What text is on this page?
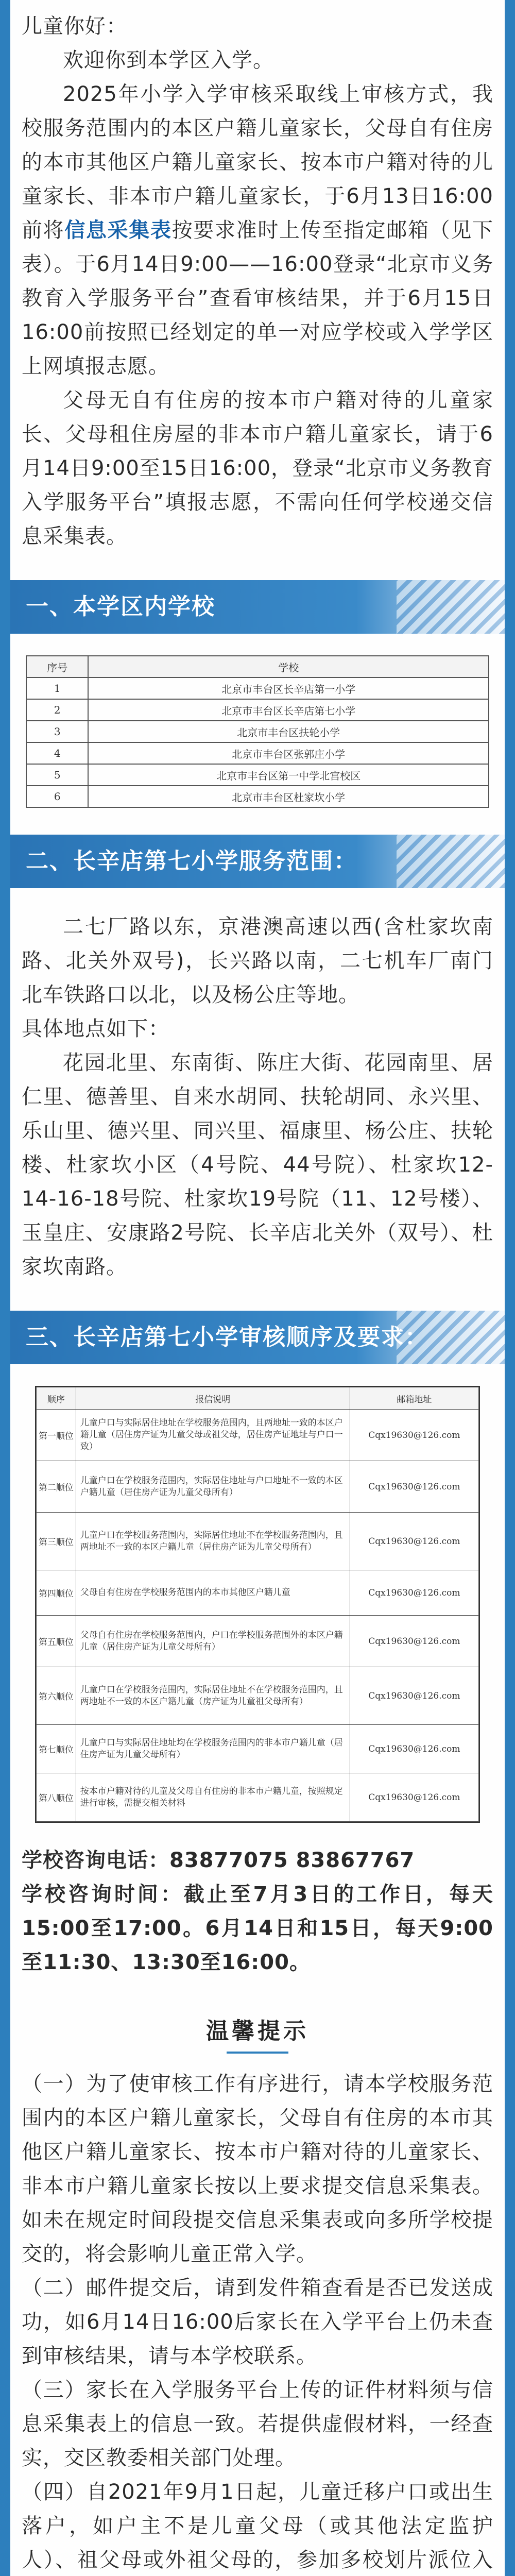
儿童你好：

欢迎你到本学区入学。

2025年小学入学审核采取线上审核方式，我校服务范围内的本区户籍儿童家长，父母自有住房的本市其他区户籍儿童家长、按本市户籍对待的儿童家长、非本市户籍儿童家长，于6月13日16:00前将信息采集表按要求准时上传至指定邮箱（见下表）。于6月14日9:00——16:00登录“北京市义务教育入学服务平台”查看审核结果，并于6月15日16:00前按照已经划定的单一对应学校或入学学区上网填报志愿。

父母无自有住房的按本市户籍对待的儿童家长、父母租住房屋的非本市户籍儿童家长，请于6月14日9:00至15日16:00，登录“北京市义务教育入学服务平台”填报志愿，不需向任何学校递交信息采集表。

一、本学区内学校
序号	学校
1	北京市丰台区长辛店第一小学
2	北京市丰台区长辛店第七小学
3	北京市丰台区扶轮小学
4	北京市丰台区张郭庄小学
5	北京市丰台区第一中学北宫校区
6	北京市丰台区杜家坎小学
二、长辛店第七小学服务范围：

二七厂路以东，京港澳高速以西(含杜家坎南路、北关外双号)，长兴路以南，二七机车厂南门北车铁路口以北，以及杨公庄等地。

具体地点如下：

花园北里、东南街、陈庄大街、花园南里、居仁里、德善里、自来水胡同、扶轮胡同、永兴里、乐山里、德兴里、同兴里、福康里、杨公庄、扶轮楼、杜家坎小区（4号院、44号院）、杜家坎12-14-16-18号院、杜家坎19号院（11、12号楼）、玉皇庄、安康路2号院、长辛店北关外（双号）、杜家坎南路。

三、长辛店第七小学审核顺序及要求：
顺序	报信说明	邮箱地址
第一顺位	儿童户口与实际居住地址在学校服务范围内，且两地址一致的本区户籍儿童（居住房产证为儿童父母或祖父母，居住房产证地址与户口一致）	Cqx19630@126.com
第二顺位	儿童户口在学校服务范围内，实际居住地址与户口地址不一致的本区户籍儿童（居住房产证为儿童父母所有）	Cqx19630@126.com
第三顺位	儿童户口在学校服务范围内，实际居住地址不在学校服务范围内，且两地址不一致的本区户籍儿童（居住房产证为儿童父母所有）	Cqx19630@126.com
第四顺位	父母自有住房在学校服务范围内的本市其他区户籍儿童	Cqx19630@126.com
第五顺位	父母自有住房在学校服务范围内，户口在学校服务范围外的本区户籍儿童（居住房产证为儿童父母所有）	Cqx19630@126.com
第六顺位	儿童户口在学校服务范围内，实际居住地址不在学校服务范围内，且两地址不一致的本区户籍儿童（房产证为儿童祖父母所有）	Cqx19630@126.com
第七顺位	儿童户口与实际居住地址均在学校服务范围内的非本市户籍儿童（居住房产证为儿童父母所有）	Cqx19630@126.com
第八顺位	按本市户籍对待的儿童及父母自有住房的非本市户籍儿童，按照规定进行审核，需提交相关材料	Cqx19630@126.com

学校咨询电话：83877075 83867767

学校咨询时间：截止至7月3日的工作日，每天15:00至17:00。6月14日和15日，每天9:00至11:30、13:30至16:00。

温馨提示

（一）为了使审核工作有序进行，请本学校服务范围内的本区户籍儿童家长，父母自有住房的本市其他区户籍儿童家长、按本市户籍对待的儿童家长、非本市户籍儿童家长按以上要求提交信息采集表。如未在规定时间段提交信息采集表或向多所学校提交的，将会影响儿童正常入学。

（二）邮件提交后，请到发件箱查看是否已发送成功，如6月14日16:00后家长在入学平台上仍未查到审核结果，请与本学校联系。

（三）家长在入学服务平台上传的证件材料须与信息采集表上的信息一致。若提供虚假材料，一经查实，交区教委相关部门处理。

（四）自2021年9月1日起，儿童迁移户口或出生落户，如户主不是儿童父母（或其他法定监护人）、祖父母或外祖父母的，参加多校划片派位入
